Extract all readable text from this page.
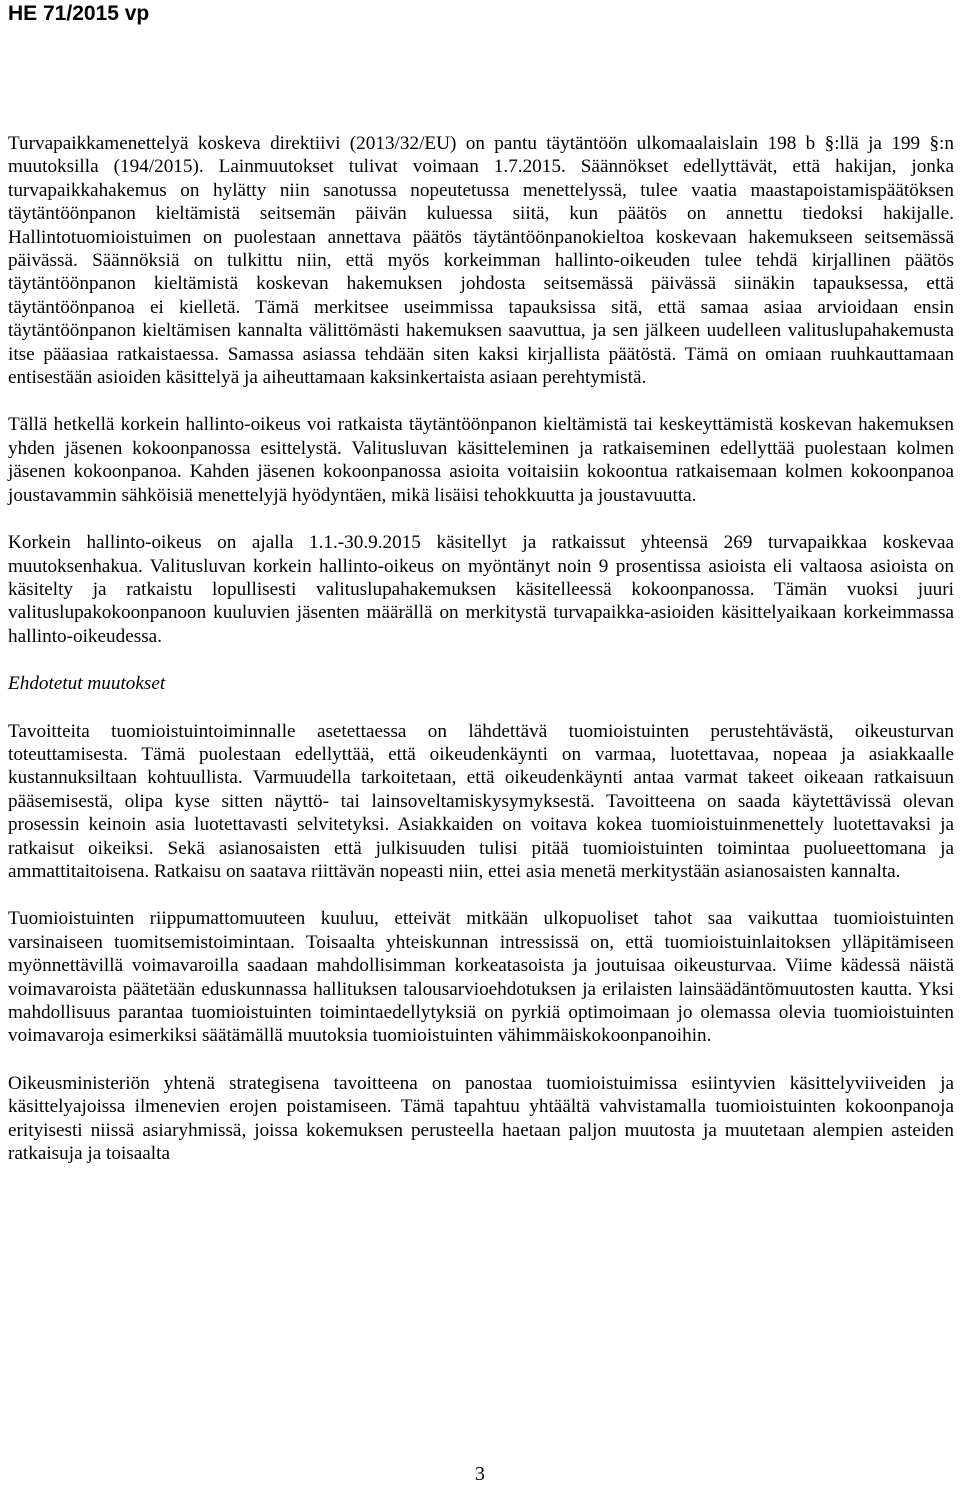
HE 71/2015 vp

Turvapaikkamenettelyä koskeva direktiivi (2013/32/EU) on pantu täytäntöön ulkomaalaislain 198 b §:llä ja 199 §:n muutoksilla (194/2015). Lainmuutokset tulivat voimaan 1.7.2015. Säännökset edellyttävät, että hakijan, jonka turvapaikkahakemus on hylätty niin sanotussa nopeutetussa menettelyssä, tulee vaatia maastapoistamispäätöksen täytäntöönpanon kieltämistä seitsemän päivän kuluessa siitä, kun päätös on annettu tiedoksi hakijalle. Hallintotuomioistuimen on puolestaan annettava päätös täytäntöönpanokieltoa koskevaan hakemukseen seitsemässä päivässä. Säännöksiä on tulkittu niin, että myös korkeimman hallinto-oikeuden tulee tehdä kirjallinen päätös täytäntöönpanon kieltämistä koskevan hakemuksen johdosta seitsemässä päivässä siinäkin tapauksessa, että täytäntöönpanoa ei kielletä. Tämä merkitsee useimmissa tapauksissa sitä, että samaa asiaa arvioidaan ensin täytäntöönpanon kieltämisen kannalta välittömästi hakemuksen saavuttua, ja sen jälkeen uudelleen valituslupahakemusta itse pääasiaa ratkaistaessa. Samassa asiassa tehdään siten kaksi kirjallista päätöstä. Tämä on omiaan ruuhkauttamaan entisestään asioiden käsittelyä ja aiheuttamaan kaksinkertaista asiaan perehtymistä.

Tällä hetkellä korkein hallinto-oikeus voi ratkaista täytäntöönpanon kieltämistä tai keskeyttämistä koskevan hakemuksen yhden jäsenen kokoonpanossa esittelystä. Valitusluvan käsitteleminen ja ratkaiseminen edellyttää puolestaan kolmen jäsenen kokoonpanoa. Kahden jäsenen kokoonpanossa asioita voitaisiin kokoontua ratkaisemaan kolmen kokoonpanoa joustavammin sähköisiä menettelyjä hyödyntäen, mikä lisäisi tehokkuutta ja joustavuutta.

Korkein hallinto-oikeus on ajalla 1.1.-30.9.2015 käsitellyt ja ratkaissut yhteensä 269 turvapaikkaa koskevaa muutoksenhakua. Valitusluvan korkein hallinto-oikeus on myöntänyt noin 9 prosentissa asioista eli valtaosa asioista on käsitelty ja ratkaistu lopullisesti valituslupahakemuksen käsitelleessä kokoonpanossa. Tämän vuoksi juuri valituslupakokoonpanoon kuuluvien jäsenten määrällä on merkitystä turvapaikka-asioiden käsittelyaikaan korkeimmassa hallinto-oikeudessa.

Ehdotetut muutokset

Tavoitteita tuomioistuintoiminnalle asetettaessa on lähdettävä tuomioistuinten perustehtävästä, oikeusturvan toteuttamisesta. Tämä puolestaan edellyttää, että oikeudenkäynti on varmaa, luotettavaa, nopeaa ja asiakkaalle kustannuksiltaan kohtuullista. Varmuudella tarkoitetaan, että oikeudenkäynti antaa varmat takeet oikeaan ratkaisuun pääsemisestä, olipa kyse sitten näyttö- tai lainsoveltamiskysymyksestä. Tavoitteena on saada käytettävissä olevan prosessin keinoin asia luotettavasti selvitetyksi. Asiakkaiden on voitava kokea tuomioistuinmenettely luotettavaksi ja ratkaisut oikeiksi. Sekä asianosaisten että julkisuuden tulisi pitää tuomioistuinten toimintaa puolueettomana ja ammattitaitoisena. Ratkaisu on saatava riittävän nopeasti niin, ettei asia menetä merkitystään asianosaisten kannalta.

Tuomioistuinten riippumattomuuteen kuuluu, etteivät mitkään ulkopuoliset tahot saa vaikuttaa tuomioistuinten varsinaiseen tuomitsemistoimintaan. Toisaalta yhteiskunnan intressissä on, että tuomioistuinlaitoksen ylläpitämiseen myönnettävillä voimavaroilla saadaan mahdollisimman korkeatasoista ja joutuisaa oikeusturvaa. Viime kädessä näistä voimavaroista päätetään eduskunnassa hallituksen talousarvioehdotuksen ja erilaisten lainsäädäntömuutosten kautta. Yksi mahdollisuus parantaa tuomioistuinten toimintaedellytyksiä on pyrkiä optimoimaan jo olemassa olevia tuomioistuinten voimavaroja esimerkiksi säätämällä muutoksia tuomioistuinten vähimmäiskokoonpanoihin.

Oikeusministeriön yhtenä strategisena tavoitteena on panostaa tuomioistuimissa esiintyvien käsittelyviiveiden ja käsittelyajoissa ilmenevien erojen poistamiseen. Tämä tapahtuu yhtäältä vahvistamalla tuomioistuinten kokoonpanoja erityisesti niissä asiaryhmissä, joissa kokemuksen perusteella haetaan paljon muutosta ja muutetaan alempien asteiden ratkaisuja ja toisaalta

3
